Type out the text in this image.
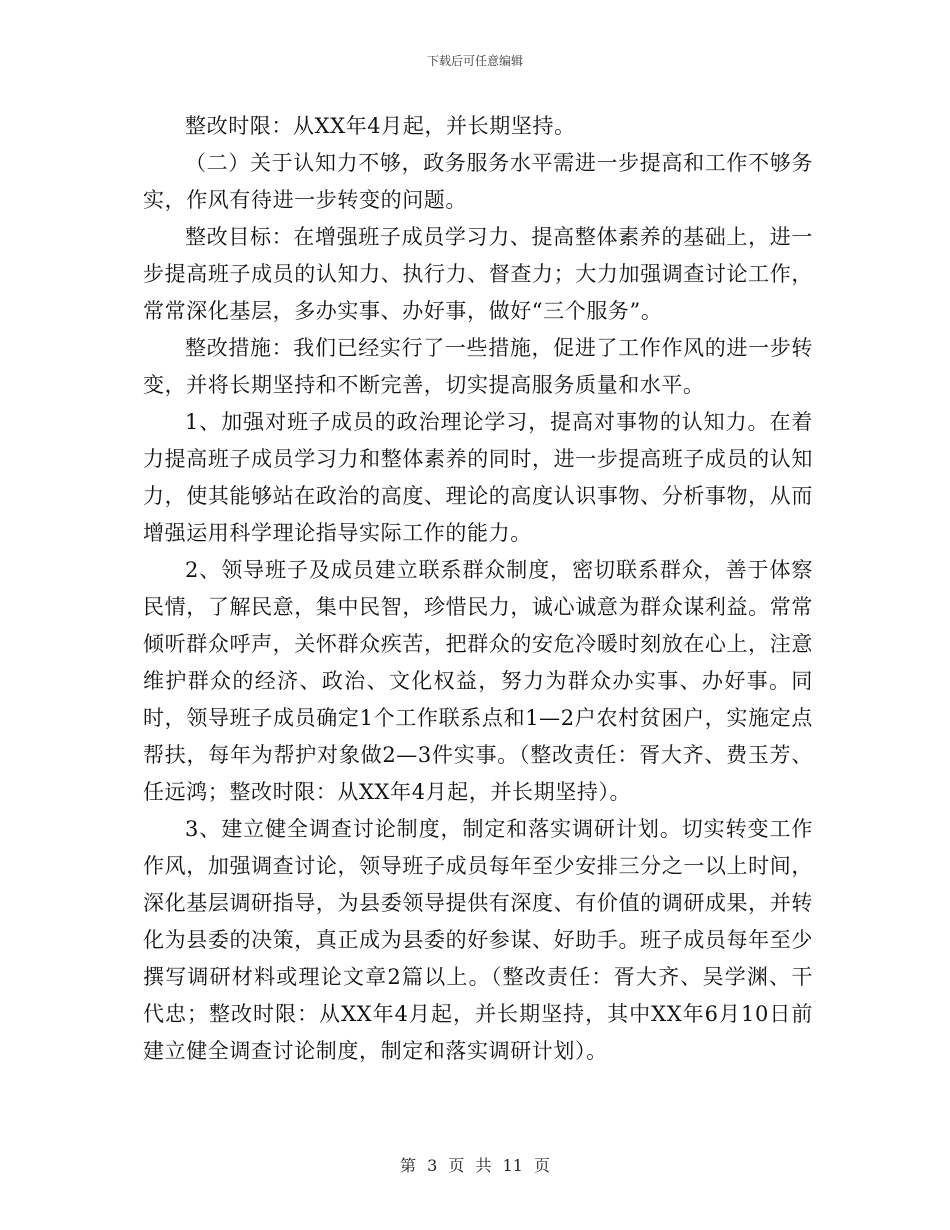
下载后可任意编辑

整改时限：从XX年4月起，并长期坚持。

（二）关于认知力不够，政务服务水平需进一步提高和工作不够务实，作风有待进一步转变的问题。

整改目标：在增强班子成员学习力、提高整体素养的基础上，进一步提高班子成员的认知力、执行力、督查力；大力加强调查讨论工作，常常深化基层，多办实事、办好事，做好“三个服务”。

整改措施：我们已经实行了一些措施，促进了工作作风的进一步转变，并将长期坚持和不断完善，切实提高服务质量和水平。

1、加强对班子成员的政治理论学习，提高对事物的认知力。在着力提高班子成员学习力和整体素养的同时，进一步提高班子成员的认知力，使其能够站在政治的高度、理论的高度认识事物、分析事物，从而增强运用科学理论指导实际工作的能力。

2、领导班子及成员建立联系群众制度，密切联系群众，善于体察民情，了解民意，集中民智，珍惜民力，诚心诚意为群众谋利益。常常倾听群众呼声，关怀群众疾苦，把群众的安危冷暖时刻放在心上，注意维护群众的经济、政治、文化权益，努力为群众办实事、办好事。同时，领导班子成员确定1个工作联系点和1—2户农村贫困户，实施定点帮扶，每年为帮护对象做2—3件实事。（整改责任：胥大齐、费玉芳、任远鸿；整改时限：从XX年4月起，并长期坚持）。

3、建立健全调查讨论制度，制定和落实调研计划。切实转变工作作风，加强调查讨论，领导班子成员每年至少安排三分之一以上时间，深化基层调研指导，为县委领导提供有深度、有价值的调研成果，并转化为县委的决策，真正成为县委的好参谋、好助手。班子成员每年至少撰写调研材料或理论文章2篇以上。（整改责任：胥大齐、吴学渊、干代忠；整改时限：从XX年4月起，并长期坚持，其中XX年6月10日前建立健全调查讨论制度，制定和落实调研计划）。

第 3 页 共 11 页
